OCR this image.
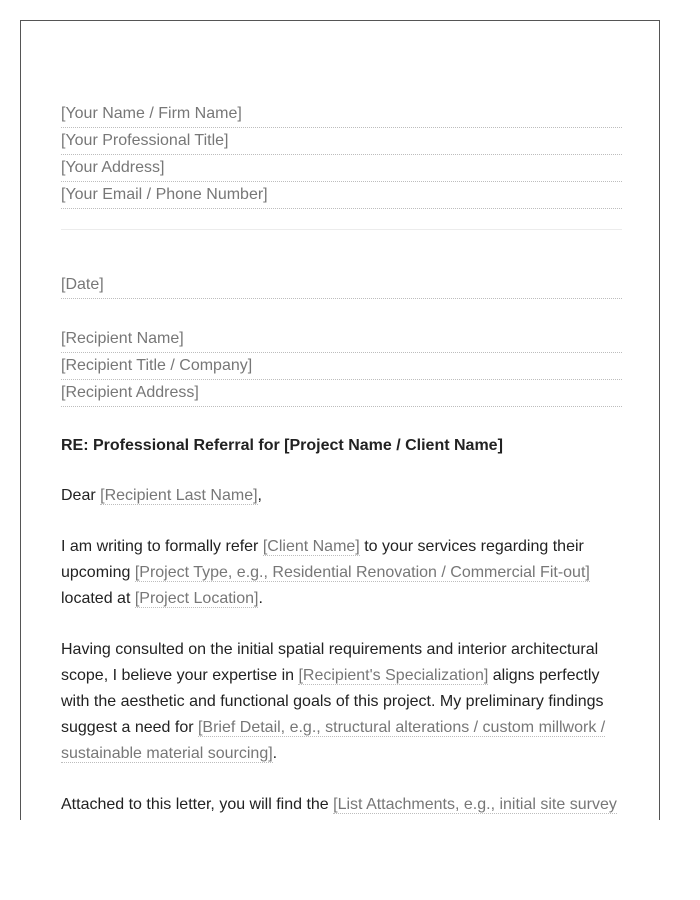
[Your Name / Firm Name]
[Your Professional Title]
[Your Address]
[Your Email / Phone Number]
[Date]
[Recipient Name]
[Recipient Title / Company]
[Recipient Address]
RE: Professional Referral for [Project Name / Client Name]

Dear [Recipient Last Name],

I am writing to formally refer [Client Name] to your services regarding their upcoming [Project Type, e.g., Residential Renovation / Commercial Fit-out]
located at [Project Location].

Having consulted on the initial spatial requirements and interior architectural scope, I believe your expertise in [Recipient's Specialization] aligns perfectly with the aesthetic and functional goals of this project. My preliminary findings suggest a need for [Brief Detail, e.g., structural alterations / custom millwork / sustainable material sourcing].

Attached to this letter, you will find the [List Attachments, e.g., initial site survey
